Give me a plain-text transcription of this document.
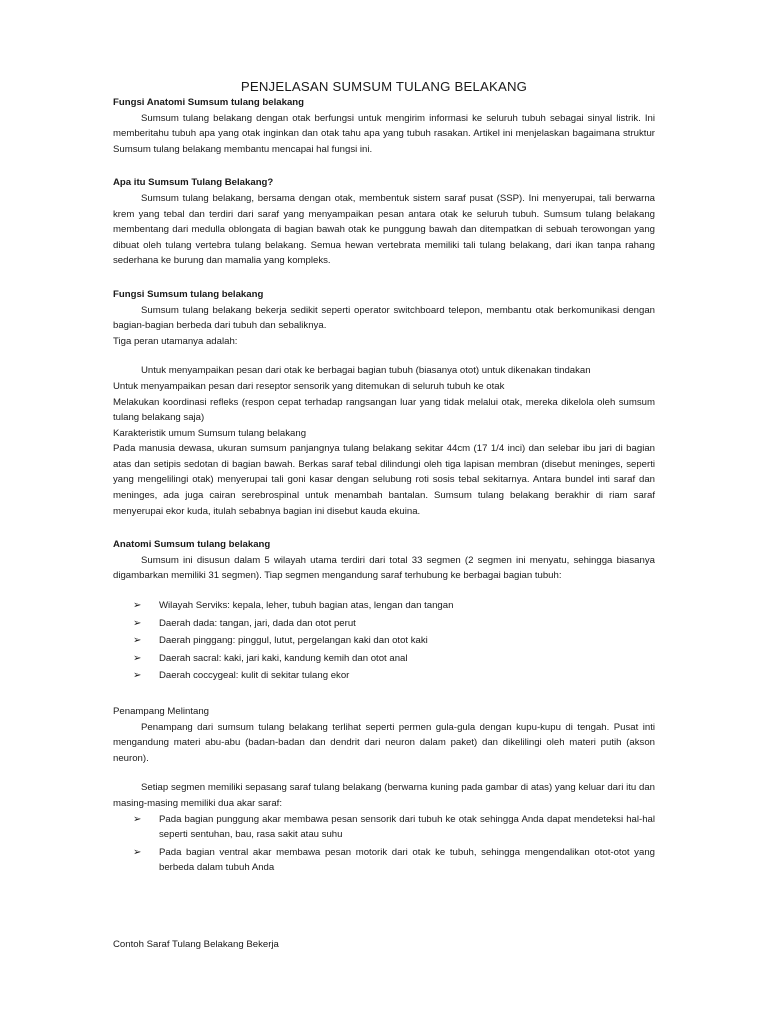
PENJELASAN SUMSUM TULANG BELAKANG
Fungsi Anatomi Sumsum tulang belakang

Sumsum tulang belakang dengan otak berfungsi untuk mengirim informasi ke seluruh tubuh sebagai sinyal listrik. Ini memberitahu tubuh apa yang otak inginkan dan otak tahu apa yang tubuh rasakan. Artikel ini menjelaskan bagaimana struktur Sumsum tulang belakang membantu mencapai hal fungsi ini.

Apa itu Sumsum Tulang Belakang?

Sumsum tulang belakang, bersama dengan otak, membentuk sistem saraf pusat (SSP). Ini menyerupai, tali berwarna krem yang tebal dan terdiri dari saraf yang menyampaikan pesan antara otak ke seluruh tubuh. Sumsum tulang belakang membentang dari medulla oblongata di bagian bawah otak ke punggung bawah dan ditempatkan di sebuah terowongan yang dibuat oleh tulang vertebra tulang belakang. Semua hewan vertebrata memiliki tali tulang belakang, dari ikan tanpa rahang sederhana ke burung dan mamalia yang kompleks.

Fungsi Sumsum tulang belakang

Sumsum tulang belakang bekerja sedikit seperti operator switchboard telepon, membantu otak berkomunikasi dengan bagian-bagian berbeda dari tubuh dan sebaliknya.

Tiga peran utamanya adalah:
Untuk menyampaikan pesan dari otak ke berbagai bagian tubuh (biasanya otot) untuk dikenakan tindakan
Untuk menyampaikan pesan dari reseptor sensorik yang ditemukan di seluruh tubuh ke otak

Melakukan koordinasi refleks (respon cepat terhadap rangsangan luar yang tidak melalui otak, mereka dikelola oleh sumsum tulang belakang saja)

Karakteristik umum Sumsum tulang belakang

Pada manusia dewasa, ukuran sumsum panjangnya tulang belakang sekitar 44cm (17 1/4 inci) dan selebar ibu jari di bagian atas dan setipis sedotan di bagian bawah. Berkas saraf tebal dilindungi oleh tiga lapisan membran (disebut meninges, seperti yang mengelilingi otak) menyerupai tali goni kasar dengan selubung roti sosis tebal sekitarnya. Antara bundel inti saraf dan meninges, ada juga cairan serebrospinal untuk menambah bantalan. Sumsum tulang belakang berakhir di riam saraf menyerupai ekor kuda, itulah sebabnya bagian ini disebut kauda ekuina.

Anatomi Sumsum tulang belakang

Sumsum ini disusun dalam 5 wilayah utama terdiri dari total 33 segmen (2 segmen ini menyatu, sehingga biasanya digambarkan memiliki 31 segmen). Tiap segmen mengandung saraf terhubung ke berbagai bagian tubuh:

➢ Wilayah Serviks: kepala, leher, tubuh bagian atas, lengan dan tangan
➢ Daerah dada: tangan, jari, dada dan otot perut
➢ Daerah pinggang: pinggul, lutut, pergelangan kaki dan otot kaki
➢ Daerah sacral: kaki, jari kaki, kandung kemih dan otot anal
➢ Daerah coccygeal: kulit di sekitar tulang ekor
Penampang Melintang

Penampang dari sumsum tulang belakang terlihat seperti permen gula-gula dengan kupu-kupu di tengah. Pusat inti mengandung materi abu-abu (badan-badan dan dendrit dari neuron dalam paket) dan dikelilingi oleh materi putih (akson neuron).

Setiap segmen memiliki sepasang saraf tulang belakang (berwarna kuning pada gambar di atas) yang keluar dari itu dan masing-masing memiliki dua akar saraf:

➢ Pada bagian punggung akar membawa pesan sensorik dari tubuh ke otak sehingga Anda dapat mendeteksi hal-hal seperti sentuhan, bau, rasa sakit atau suhu
➢ Pada bagian ventral akar membawa pesan motorik dari otak ke tubuh, sehingga mengendalikan otot-otot yang berbeda dalam tubuh Anda
Contoh Saraf Tulang Belakang Bekerja
